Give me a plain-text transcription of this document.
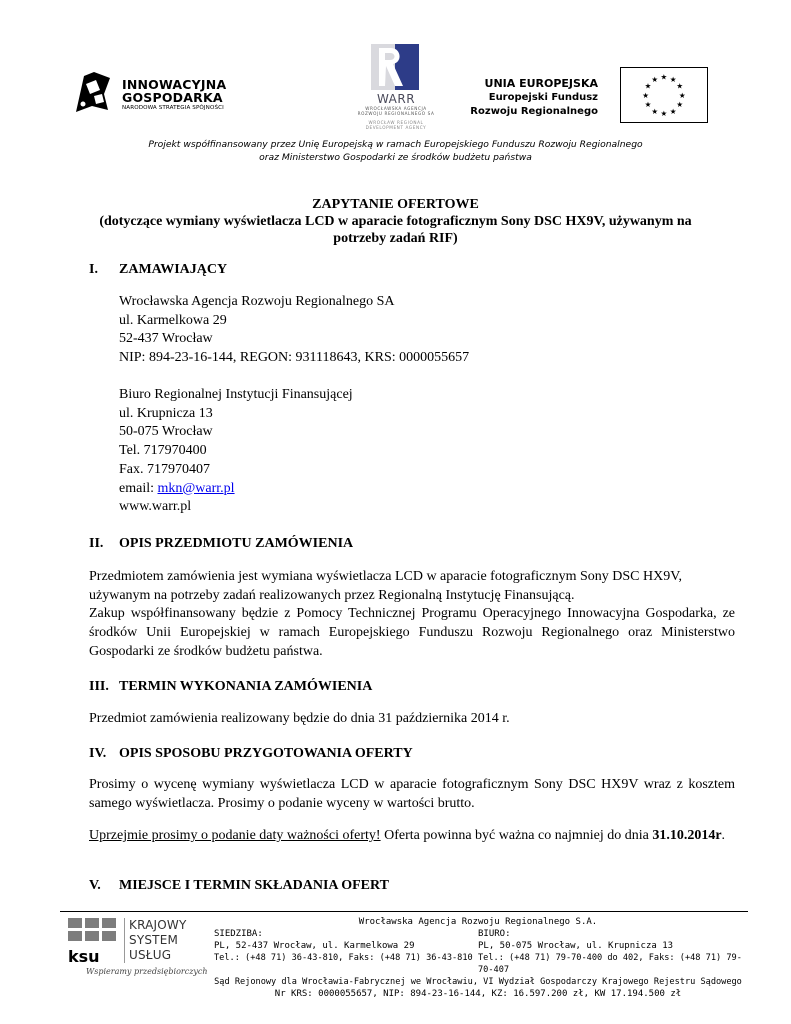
INNOWACYJNA
GOSPODARKA
NARODOWA STRATEGIA SPÓJNOŚCI
WARR
WROCŁAWSKA AGENCJA
ROZWOJU REGIONALNEGO SA
WROCŁAW REGIONAL
DEVELOPMENT AGENCY
UNIA EUROPEJSKA
Europejski Fundusz
Rozwoju Regionalnego
★ ★
★
★
★
★
★
★
★
★
★
★
Projekt współfinansowany przez Unię Europejską w ramach Europejskiego Funduszu Rozwoju Regionalnego
oraz Ministerstwo Gospodarki ze środków budżetu państwa
ZAPYTANIE OFERTOWE
(dotyczące wymiany wyświetlacza LCD w aparacie fotograficznym Sony DSC HX9V, używanym na
potrzeby zadań RIF)
I. ZAMAWIAJĄCY
Wrocławska Agencja Rozwoju Regionalnego SA
ul. Karmelkowa 29
52-437 Wrocław
NIP: 894-23-16-144, REGON: 931118643, KRS: 0000055657
Biuro Regionalnej Instytucji Finansującej
ul. Krupnicza 13
50-075 Wrocław
Tel. 717970400
Fax. 717970407
email: mkn@warr.pl
www.warr.pl
II. OPIS PRZEDMIOTU ZAMÓWIENIA
Przedmiotem zamówienia jest wymiana wyświetlacza LCD w aparacie fotograficznym Sony DSC HX9V,
używanym na potrzeby zadań realizowanych przez Regionalną Instytucję Finansującą.
Zakup współfinansowany będzie z Pomocy Technicznej Programu Operacyjnego Innowacyjna Gospodarka, ze środków Unii Europejskiej w ramach Europejskiego Funduszu Rozwoju Regionalnego oraz Ministerstwo Gospodarki ze środków budżetu państwa.
III. TERMIN WYKONANIA ZAMÓWIENIA
Przedmiot zamówienia realizowany będzie do dnia 31 października 2014 r.
IV. OPIS SPOSOBU PRZYGOTOWANIA OFERTY
Prosimy o wycenę wymiany wyświetlacza LCD w aparacie fotograficznym Sony DSC HX9V wraz z kosztem samego wyświetlacza. Prosimy o podanie wyceny w wartości brutto.
Uprzejmie prosimy o podanie daty ważności oferty! Oferta powinna być ważna co najmniej do dnia 31.10.2014r.
V. MIEJSCE I TERMIN SKŁADANIA OFERT
ksu
KRAJOWY
SYSTEM
USŁUG
Wspieramy przedsiębiorczych
Wrocławska Agencja Rozwoju Regionalnego S.A.
SIEDZIBA:
PL, 52-437 Wrocław, ul. Karmelkowa 29
BIURO:
PL, 50-075 Wrocław, ul. Krupnicza 13
Tel.: (+48 71) 36-43-810, Faks: (+48 71) 36-43-810 Tel.: (+48 71) 79-70-400 do 402, Faks: (+48 71) 79-70-407
Sąd Rejonowy dla Wrocławia-Fabrycznej we Wrocławiu, VI Wydział Gospodarczy Krajowego Rejestru Sądowego
Nr KRS: 0000055657, NIP: 894-23-16-144, KZ: 16.597.200 zł, KW 17.194.500 zł
